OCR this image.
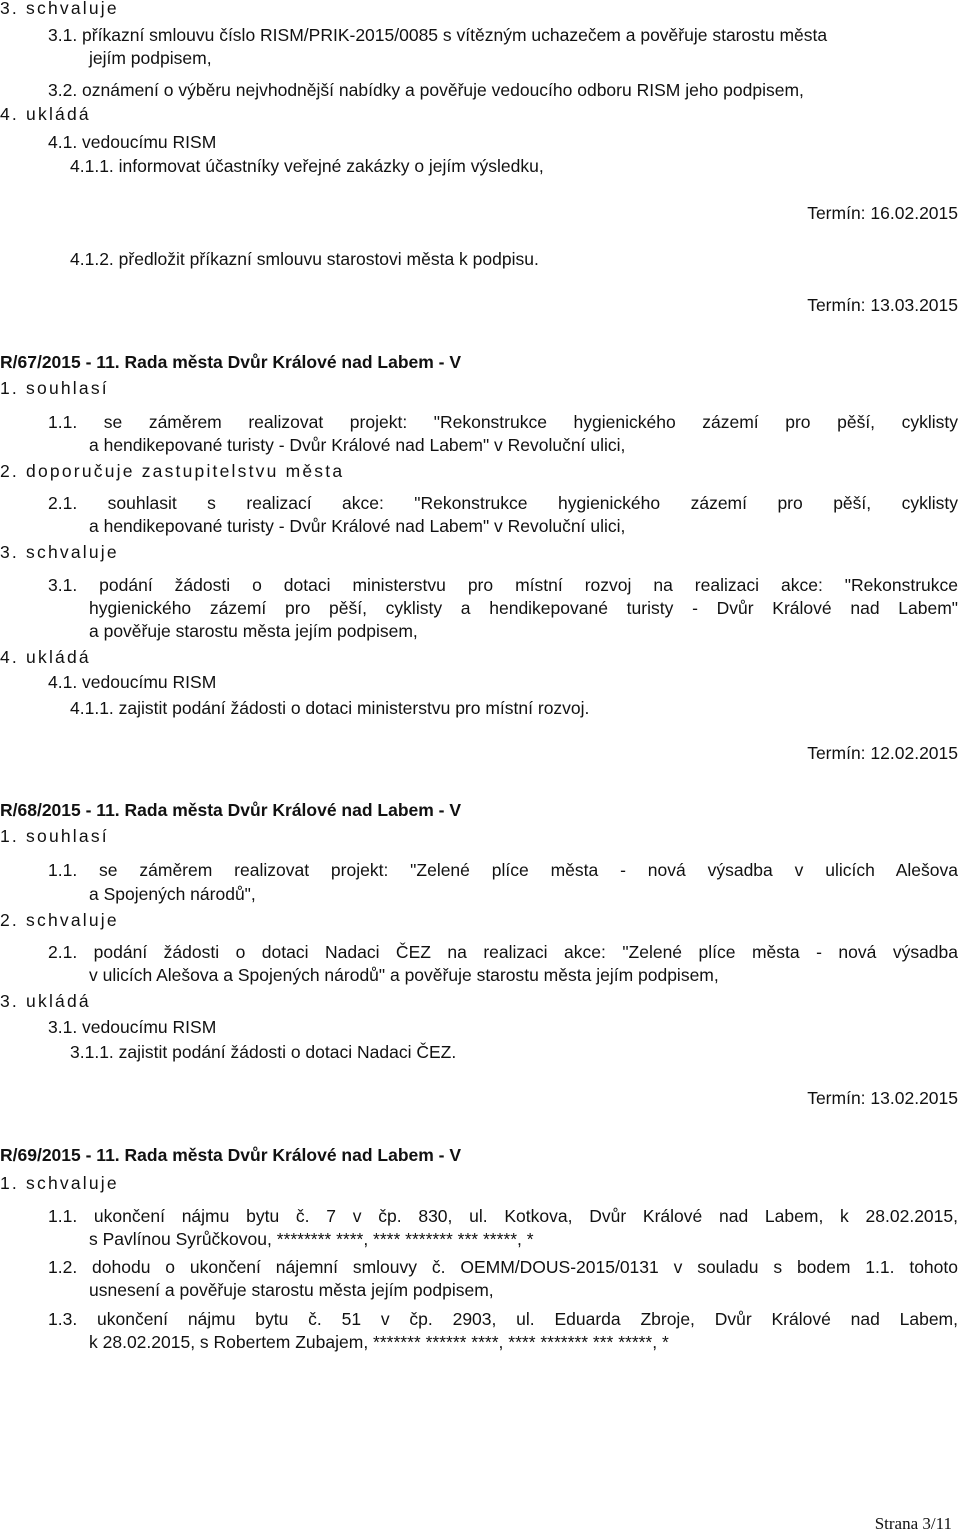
3. schvaluje
3.1. příkazní smlouvu číslo RISM/PRIK-2015/0085 s vítězným uchazečem a pověřuje starostu města
jejím podpisem,
3.2. oznámení o výběru nejvhodnější nabídky a pověřuje vedoucího odboru RISM jeho podpisem,
4. ukládá
4.1. vedoucímu RISM
4.1.1. informovat účastníky veřejné zakázky o jejím výsledku,
Termín: 16.02.2015
4.1.2. předložit příkazní smlouvu starostovi města k podpisu.
Termín: 13.03.2015
R/67/2015 - 11. Rada města Dvůr Králové nad Labem - V
1. souhlasí
1.1. se záměrem realizovat projekt: "Rekonstrukce hygienického zázemí pro pěší, cyklisty
a hendikepované turisty - Dvůr Králové nad Labem" v Revoluční ulici,
2. doporučuje zastupitelstvu města
2.1. souhlasit s realizací akce: "Rekonstrukce hygienického zázemí pro pěší, cyklisty
a hendikepované turisty - Dvůr Králové nad Labem" v Revoluční ulici,
3. schvaluje
3.1. podání žádosti o dotaci ministerstvu pro místní rozvoj na realizaci akce: "Rekonstrukce
hygienického zázemí pro pěší, cyklisty a hendikepované turisty - Dvůr Králové nad Labem"
a pověřuje starostu města jejím podpisem,
4. ukládá
4.1. vedoucímu RISM
4.1.1. zajistit podání žádosti o dotaci ministerstvu pro místní rozvoj.
Termín: 12.02.2015
R/68/2015 - 11. Rada města Dvůr Králové nad Labem - V
1. souhlasí
1.1. se záměrem realizovat projekt: "Zelené plíce města - nová výsadba v ulicích Alešova
a Spojených národů",
2. schvaluje
2.1. podání žádosti o dotaci Nadaci ČEZ na realizaci akce: "Zelené plíce města - nová výsadba
v ulicích Alešova a Spojených národů" a pověřuje starostu města jejím podpisem,
3. ukládá
3.1. vedoucímu RISM
3.1.1. zajistit podání žádosti o dotaci Nadaci ČEZ.
Termín: 13.02.2015
R/69/2015 - 11. Rada města Dvůr Králové nad Labem - V
1. schvaluje
1.1. ukončení nájmu bytu č. 7 v čp. 830, ul. Kotkova, Dvůr Králové nad Labem, k 28.02.2015,
s Pavlínou Syrůčkovou, ******** ****, **** ******* *** *****, *
1.2. dohodu o ukončení nájemní smlouvy č. OEMM/DOUS-2015/0131 v souladu s bodem 1.1. tohoto
usnesení a pověřuje starostu města jejím podpisem,
1.3. ukončení nájmu bytu č. 51 v čp. 2903, ul. Eduarda Zbroje, Dvůr Králové nad Labem,
k 28.02.2015, s Robertem Zubajem, ******* ****** ****, **** ******* *** *****, *
Strana 3/11
